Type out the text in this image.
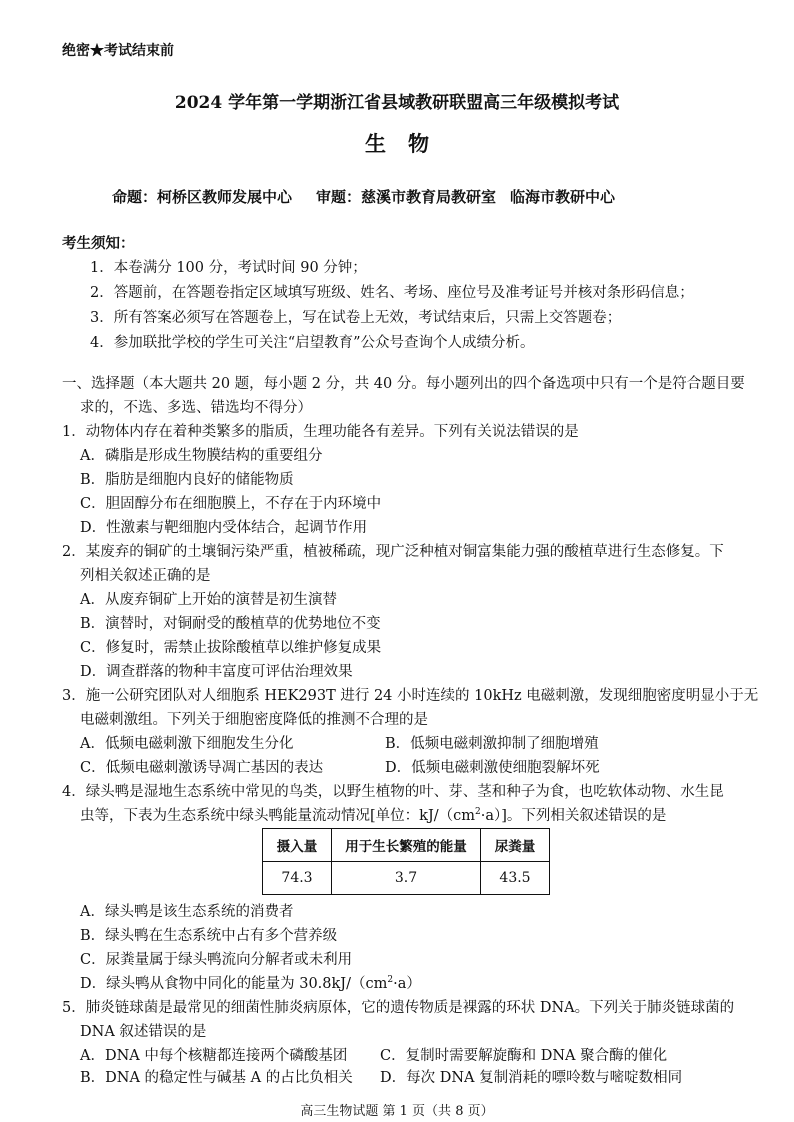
绝密★考试结束前
2024 学年第一学期浙江省县域教研联盟高三年级模拟考试
生物
命题：柯桥区教师发展中心 审题：慈溪市教育局教研室 临海市教研中心
考生须知：
1．本卷满分 100 分，考试时间 90 分钟；
2．答题前，在答题卷指定区域填写班级、姓名、考场、座位号及准考证号并核对条形码信息；
3．所有答案必须写在答题卷上，写在试卷上无效，考试结束后，只需上交答题卷；
4．参加联批学校的学生可关注“启望教育”公众号查询个人成绩分析。
一、选择题（本大题共 20 题，每小题 2 分，共 40 分。每小题列出的四个备选项中只有一个是符合题目要
求的，不选、多选、错选均不得分）
1．动物体内存在着种类繁多的脂质，生理功能各有差异。下列有关说法错误的是
A．磷脂是形成生物膜结构的重要组分
B．脂肪是细胞内良好的储能物质
C．胆固醇分布在细胞膜上，不存在于内环境中
D．性激素与靶细胞内受体结合，起调节作用
2．某废弃的铜矿的土壤铜污染严重，植被稀疏，现广泛种植对铜富集能力强的酸植草进行生态修复。下
列相关叙述正确的是
A．从废弃铜矿上开始的演替是初生演替
B．演替时，对铜耐受的酸植草的优势地位不变
C．修复时，需禁止拔除酸植草以维护修复成果
D．调查群落的物种丰富度可评估治理效果
3．施一公研究团队对人细胞系 HEK293T 进行 24 小时连续的 10kHz 电磁刺激，发现细胞密度明显小于无
电磁刺激组。下列关于细胞密度降低的推测不合理的是
A．低频电磁刺激下细胞发生分化	B．低频电磁刺激抑制了细胞增殖
C．低频电磁刺激诱导凋亡基因的表达	D．低频电磁刺激使细胞裂解坏死
4．绿头鸭是湿地生态系统中常见的鸟类，以野生植物的叶、芽、茎和种子为食，也吃软体动物、水生昆
虫等，下表为生态系统中绿头鸭能量流动情况[单位：$kJ/(cm^2\cdot a)$]。下列相关叙述错误的是
摄入量	用于生长繁殖的能量	尿粪量
74.3	3.7	43.5
A．绿头鸭是该生态系统的消费者
B．绿头鸭在生态系统中占有多个营养级
C．尿粪量属于绿头鸭流向分解者或未利用
D．绿头鸭从食物中同化的能量为 $30.8kJ/(cm^2\cdot a)$
5．肺炎链球菌是最常见的细菌性肺炎病原体，它的遗传物质是裸露的环状 DNA。下列关于肺炎链球菌的
DNA 叙述错误的是
A．DNA 中每个核糖都连接两个磷酸基团
B．DNA 的稳定性与碱基 A 的占比负相关
C．复制时需要解旋酶和 DNA 聚合酶的催化
D．每次 DNA 复制消耗的嘌呤数与嘧啶数相同
高三生物试题 第 1 页（共 8 页）
